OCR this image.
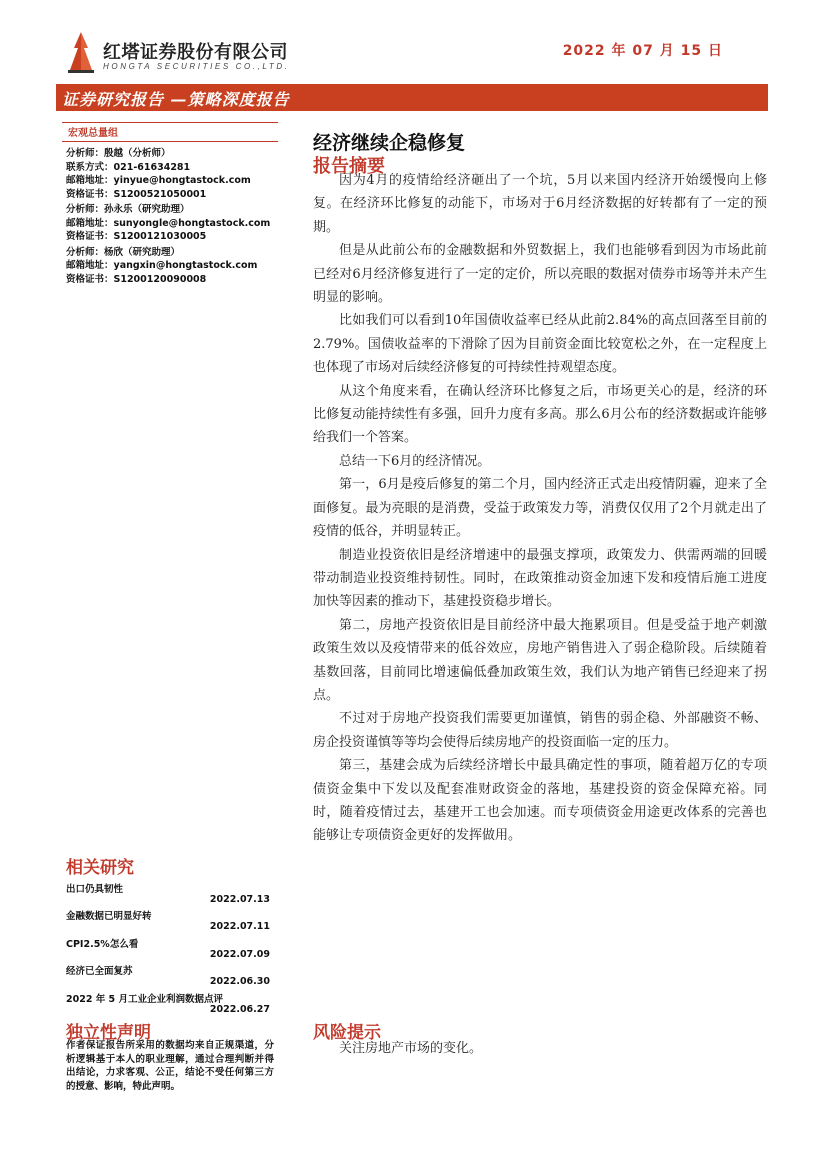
红塔证券股份有限公司
HONGTA SECURITIES CO.,LTD.
2022 年 07 月 15 日
证券研究报告 —策略深度报告
宏观总量组
分析师：殷越（分析师）
联系方式：021-61634281
邮箱地址：yinyue@hongtastock.com
资格证书：S1200521050001
分析师：孙永乐（研究助理）
邮箱地址：sunyongle@hongtastock.com
资格证书：S1200121030005
分析师：杨欣（研究助理）
邮箱地址：yangxin@hongtastock.com
资格证书：S1200120090008
经济继续企稳修复
报告摘要

因为4月的疫情给经济砸出了一个坑，5月以来国内经济开始缓慢向上修复。在经济环比修复的动能下，市场对于6月经济数据的好转都有了一定的预期。

但是从此前公布的金融数据和外贸数据上，我们也能够看到因为市场此前已经对6月经济修复进行了一定的定价，所以亮眼的数据对债券市场等并未产生明显的影响。

比如我们可以看到10年国债收益率已经从此前2.84%的高点回落至目前的 2.79%。国债收益率的下滑除了因为目前资金面比较宽松之外，在一定程度上也体现了市场对后续经济修复的可持续性持观望态度。

从这个角度来看，在确认经济环比修复之后，市场更关心的是，经济的环比修复动能持续性有多强，回升力度有多高。那么6月公布的经济数据或许能够给我们一个答案。

总结一下6月的经济情况。

第一，6月是疫后修复的第二个月，国内经济正式走出疫情阴霾，迎来了全面修复。最为亮眼的是消费，受益于政策发力等，消费仅仅用了2个月就走出了疫情的低谷，并明显转正。

制造业投资依旧是经济增速中的最强支撑项，政策发力、供需两端的回暖带动制造业投资维持韧性。同时，在政策推动资金加速下发和疫情后施工进度加快等因素的推动下，基建投资稳步增长。

第二，房地产投资依旧是目前经济中最大拖累项目。但是受益于地产刺激政策生效以及疫情带来的低谷效应，房地产销售进入了弱企稳阶段。后续随着基数回落，目前同比增速偏低叠加政策生效，我们认为地产销售已经迎来了拐点。

不过对于房地产投资我们需要更加谨慎，销售的弱企稳、外部融资不畅、房企投资谨慎等等均会使得后续房地产的投资面临一定的压力。

第三，基建会成为后续经济增长中最具确定性的事项，随着超万亿的专项债资金集中下发以及配套准财政资金的落地，基建投资的资金保障充裕。同时，随着疫情过去，基建开工也会加速。而专项债资金用途更改体系的完善也能够让专项债资金更好的发挥做用。

相关研究
出口仍具韧性
2022.07.13
金融数据已明显好转
2022.07.11
CPI2.5%怎么看
2022.07.09
经济已全面复苏
2022.06.30
2022 年 5 月工业企业利润数据点评
2022.06.27
独立性声明
作者保证报告所采用的数据均来自正规渠道，分析逻辑基于本人的职业理解，通过合理判断并得出结论，力求客观、公正，结论不受任何第三方的授意、影响，特此声明。
风险提示
关注房地产市场的变化。
